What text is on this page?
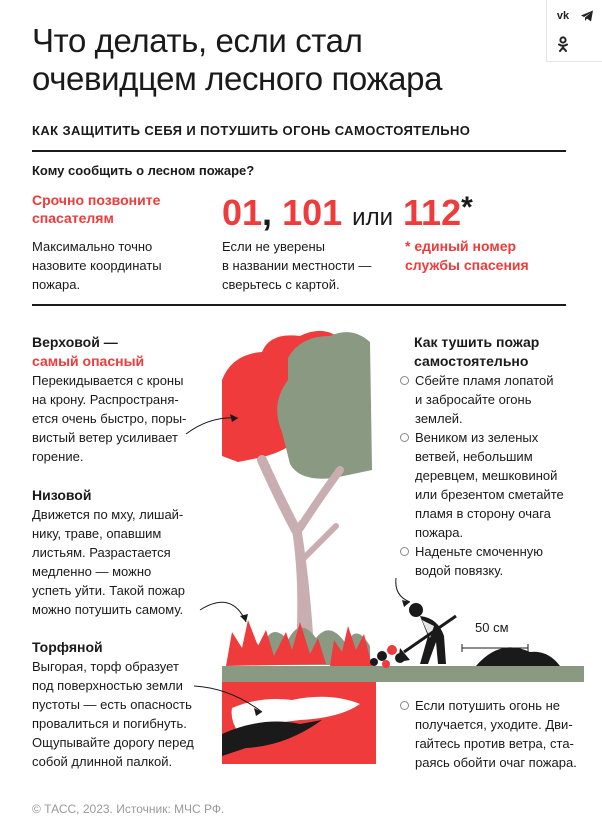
Что делать, если стал
очевидцем лесного пожара
vk
КАК ЗАЩИТИТЬ СЕБЯ И ПОТУШИТЬ ОГОНЬ САМОСТОЯТЕЛЬНО
Кому сообщить о лесном пожаре?
Срочно позвоните
спасателям	01, 101 или 112*
Максимально точно
назовите координаты
пожара.
Если не уверены
в названии местности —
сверьтесь с картой.
* единый номер
службы спасения
50 см
Верховой —
самый опасный
Перекидывается с кроны
на крону. Распространя-
ется очень быстро, поры-
вистый ветер усиливает
горение.
Низовой
Движется по мху, лишай-
нику, траве, опавшим
листьям. Разрастается
медленно — можно
успеть уйти. Такой пожар
можно потушить самому.
Торфяной
Выгорая, торф образует
под поверхностью земли
пустоты — есть опасность
провалиться и погибнуть.
Ощупывайте дорогу перед
собой длинной палкой.
Как тушить пожар
самостоятельно
Сбейте пламя лопатой
и забросайте огонь
землей.
Веником из зеленых
ветвей, небольшим
деревцем, мешковиной
или брезентом сметайте
пламя в сторону очага
пожара.
Наденьте смоченную
водой повязку.
Если потушить огонь не
получается, уходите. Дви-
гайтесь против ветра, ста-
раясь обойти очаг пожара.
© ТАСС, 2023. Источник: МЧС РФ.
